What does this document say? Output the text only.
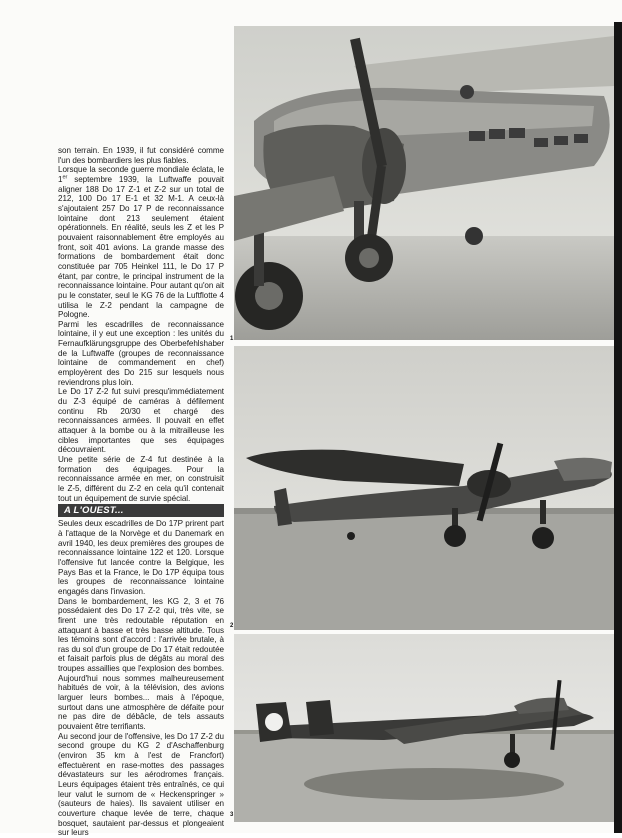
son terrain. En 1939, il fut considéré comme l'un des bombardiers les plus fiables.

Lorsque la seconde guerre mondiale éclata, le 1er septembre 1939, la Luftwaffe pouvait aligner 188 Do 17 Z-1 et Z-2 sur un total de 212, 100 Do 17 E-1 et 32 M-1. A ceux-là s'ajoutaient 257 Do 17 P de reconnaissance lointaine dont 213 seulement étaient opérationnels. En réalité, seuls les Z et les P pouvaient raisonnablement être employés au front, soit 401 avions. La grande masse des formations de bombardement était donc constituée par 705 Heinkel 111, le Do 17 P étant, par contre, le principal instrument de la reconnaissance lointaine. Pour autant qu'on ait pu le constater, seul le KG 76 de la Luftflotte 4 utilisa le Z-2 pendant la campagne de Pologne.

Parmi les escadrilles de reconnaissance lointaine, il y eut une exception : les unités du Fernaufklärungsgruppe des Oberbefehlshaber de la Luftwaffe (groupes de reconnaissance lointaine de commandement en chef) employèrent des Do 215 sur lesquels nous reviendrons plus loin.

Le Do 17 Z-2 fut suivi presqu'immédiatement du Z-3 équipé de caméras à défilement continu Rb 20/30 et chargé des reconnaissances armées. Il pouvait en effet attaquer à la bombe ou à la mitrailleuse les cibles importantes que ses équipages découvraient.

Une petite série de Z-4 fut destinée à la formation des équipages. Pour la reconnaissance armée en mer, on construisit le Z-5, différent du Z-2 en cela qu'il contenait tout un équipement de survie spécial.

A L'OUEST...

Seules deux escadrilles de Do 17P prirent part à l'attaque de la Norvège et du Danemark en avril 1940, les deux premières des groupes de reconnaissance lointaine 122 et 120. Lorsque l'offensive fut lancée contre la Belgique, les Pays Bas et la France, le Do 17P équipa tous les groupes de reconnaissance lointaine engagés dans l'invasion.

Dans le bombardement, les KG 2, 3 et 76 possédaient des Do 17 Z-2 qui, très vite, se firent une très redoutable réputation en attaquant à basse et très basse altitude. Tous les témoins sont d'accord : l'arrivée brutale, à ras du sol d'un groupe de Do 17 était redoutée et faisait parfois plus de dégâts au moral des troupes assaillies que l'explosion des bombes. Aujourd'hui nous sommes malheureusement habitués de voir, à la télévision, des avions larguer leurs bombes... mais à l'époque, surtout dans une atmosphère de défaite pour ne pas dire de débâcle, de tels assauts pouvaient être terrifiants.

Au second jour de l'offensive, les Do 17 Z-2 du second groupe du KG 2 d'Aschaffenburg (environ 35 km à l'est de Francfort) effectuèrent en rase-mottes des passages dévastateurs sur les aérodromes français. Leurs équipages étaient très entraînés, ce qui leur valut le surnom de « Heckenspringer » (sauteurs de haies). Ils savaient utiliser en couverture chaque levée de terre, chaque bosquet, sautaient par-dessus et plongeaient sur leurs

1
2
3
